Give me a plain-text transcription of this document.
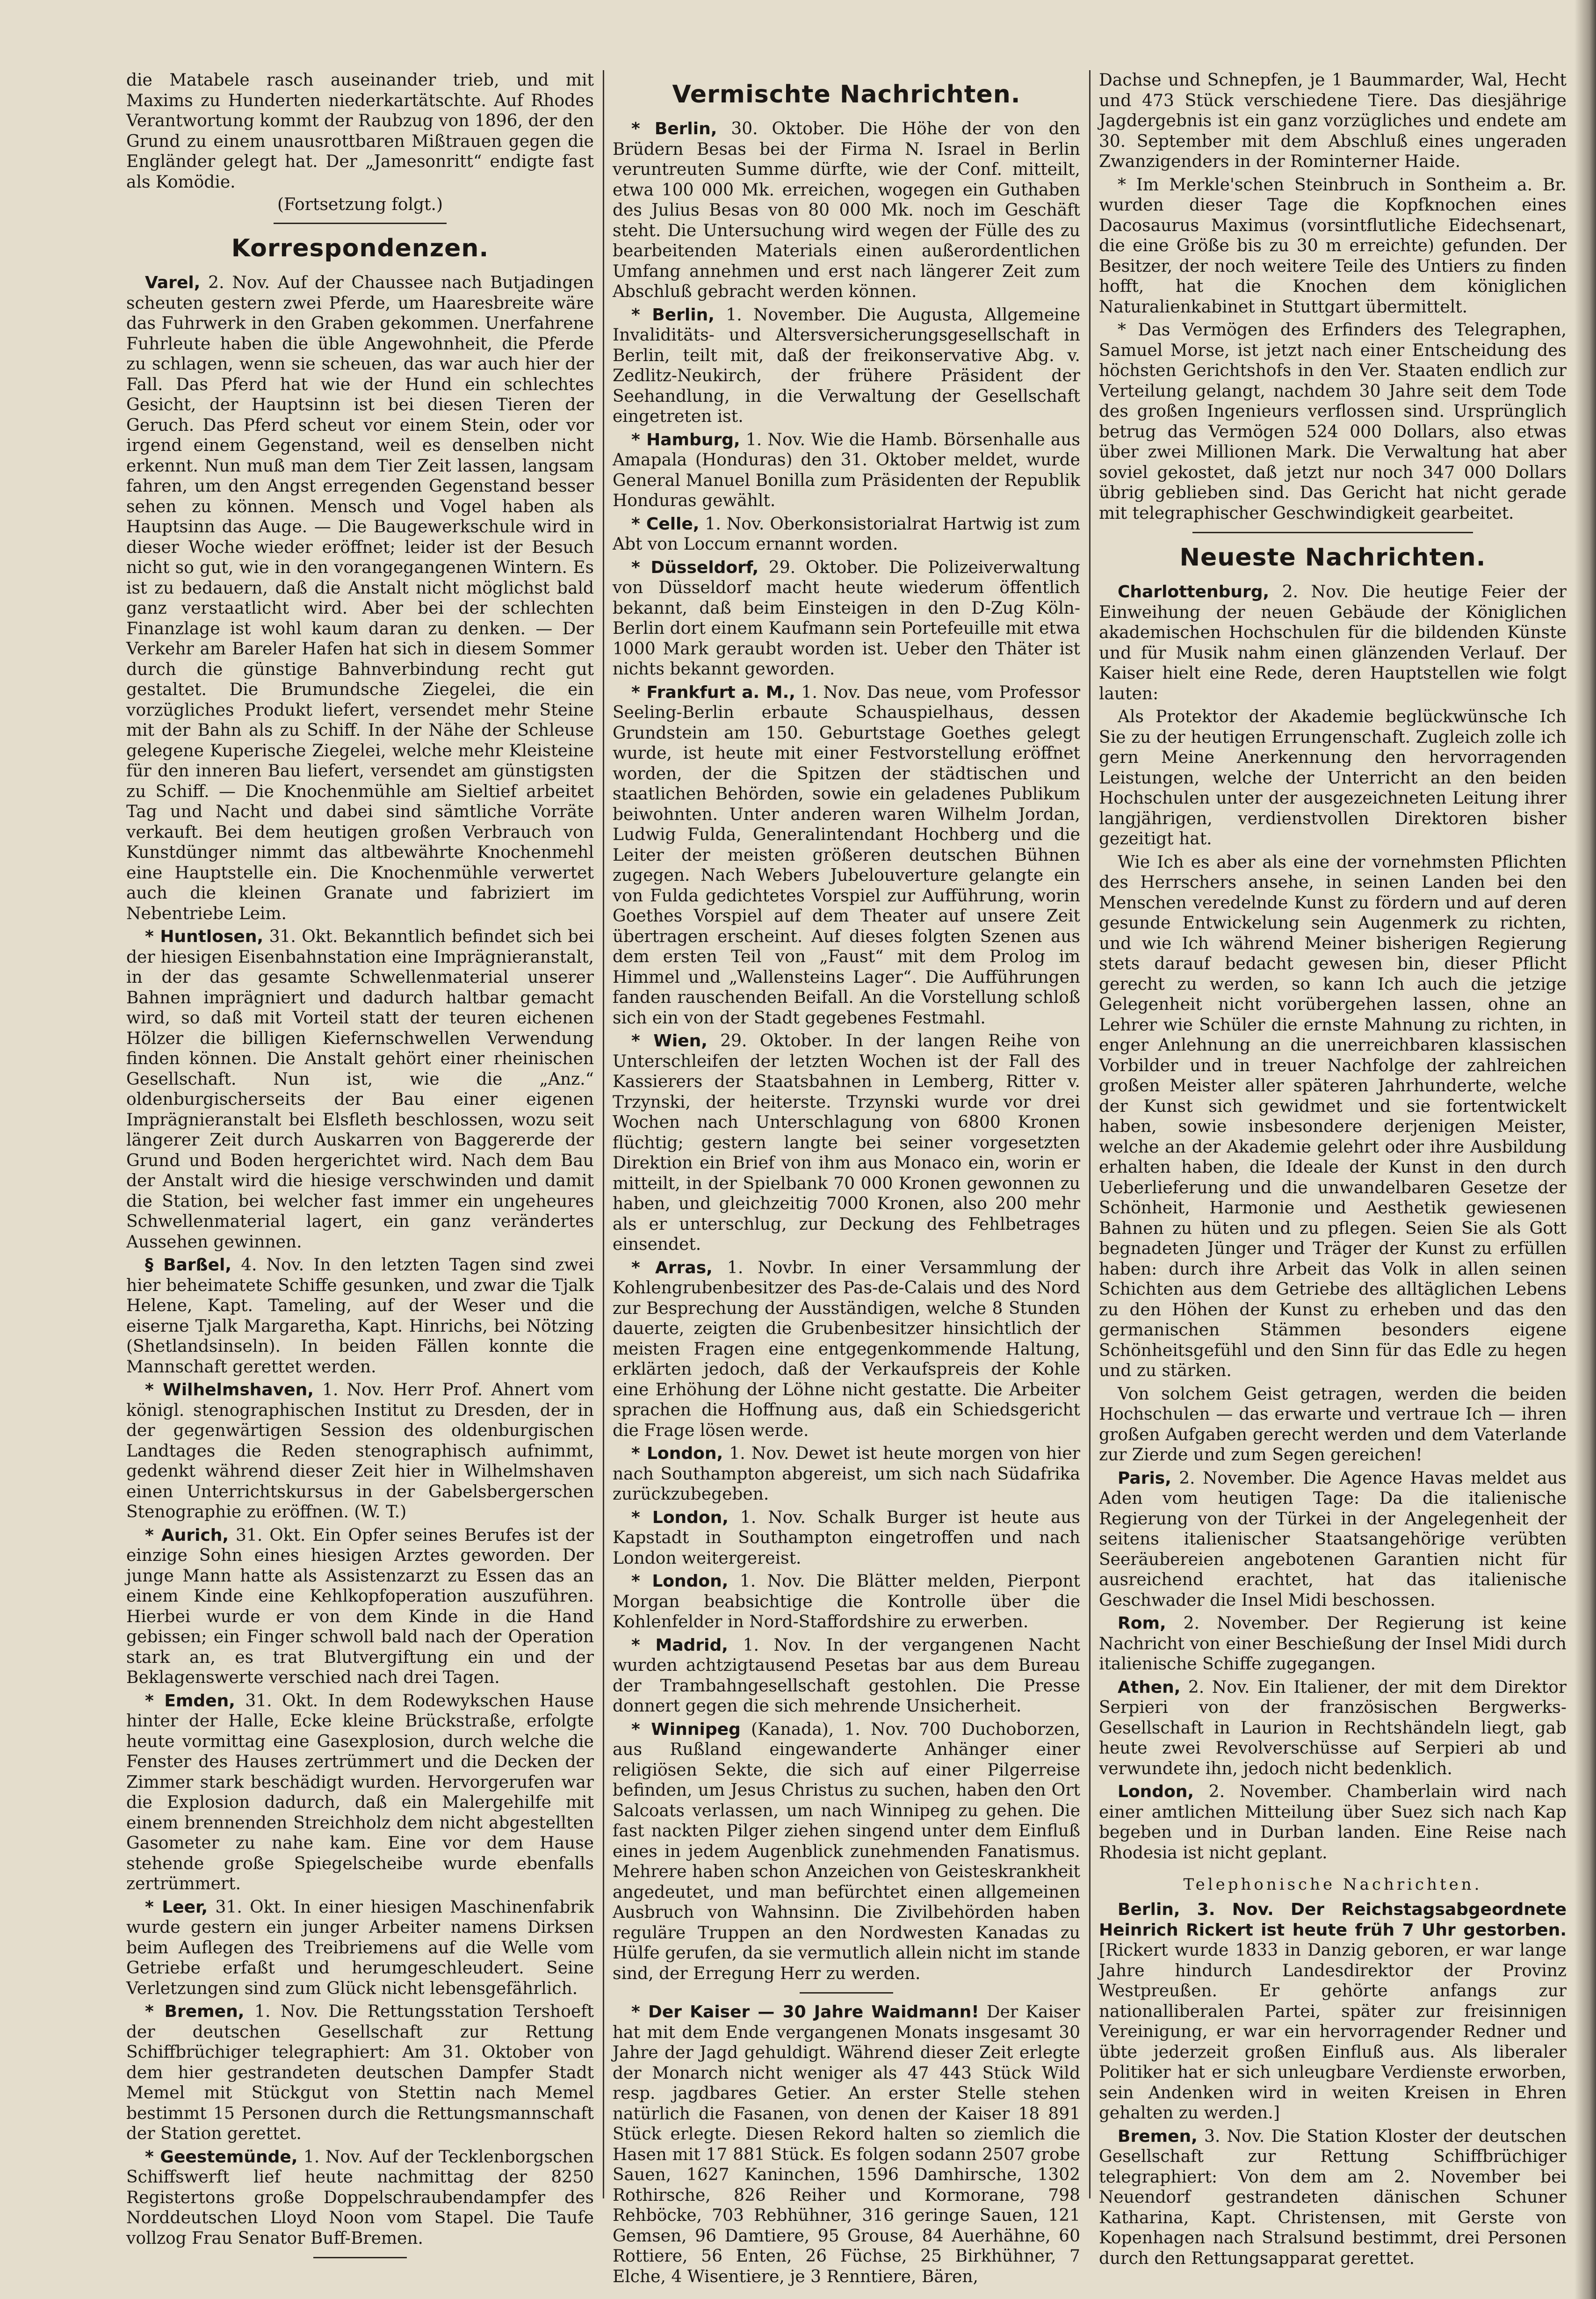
die Matabele rasch auseinander trieb, und mit Maxims zu Hunderten niederkartätschte. Auf Rhodes Verantwortung kommt der Raubzug von 1896, der den Grund zu einem unausrottbaren Mißtrauen gegen die Engländer gelegt hat. Der „Jamesonritt“ endigte fast als Komödie.

(Fortsetzung folgt.)
Korrespondenzen.

Varel, 2. Nov. Auf der Chaussee nach Butjadingen scheuten gestern zwei Pferde, um Haaresbreite wäre das Fuhrwerk in den Graben gekommen. Unerfahrene Fuhrleute haben die üble Angewohnheit, die Pferde zu schlagen, wenn sie scheuen, das war auch hier der Fall. Das Pferd hat wie der Hund ein schlechtes Gesicht, der Hauptsinn ist bei diesen Tieren der Geruch. Das Pferd scheut vor einem Stein, oder vor irgend einem Gegenstand, weil es denselben nicht erkennt. Nun muß man dem Tier Zeit lassen, langsam fahren, um den Angst erregenden Gegenstand besser sehen zu können. Mensch und Vogel haben als Hauptsinn das Auge. — Die Baugewerkschule wird in dieser Woche wieder eröffnet; leider ist der Besuch nicht so gut, wie in den vorangegangenen Wintern. Es ist zu bedauern, daß die Anstalt nicht möglichst bald ganz verstaatlicht wird. Aber bei der schlechten Finanzlage ist wohl kaum daran zu denken. — Der Verkehr am Bareler Hafen hat sich in diesem Sommer durch die günstige Bahnverbindung recht gut gestaltet. Die Brumundsche Ziegelei, die ein vorzügliches Produkt liefert, versendet mehr Steine mit der Bahn als zu Schiff. In der Nähe der Schleuse gelegene Kuperische Ziegelei, welche mehr Kleisteine für den inneren Bau liefert, versendet am günstigsten zu Schiff. — Die Knochenmühle am Sieltief arbeitet Tag und Nacht und dabei sind sämtliche Vorräte verkauft. Bei dem heutigen großen Verbrauch von Kunstdünger nimmt das altbewährte Knochenmehl eine Hauptstelle ein. Die Knochenmühle verwertet auch die kleinen Granate und fabriziert im Nebentriebe Leim.

* Huntlosen, 31. Okt. Bekanntlich befindet sich bei der hiesigen Eisenbahnstation eine Imprägnieranstalt, in der das gesamte Schwellenmaterial unserer Bahnen imprägniert und dadurch haltbar gemacht wird, so daß mit Vorteil statt der teuren eichenen Hölzer die billigen Kiefernschwellen Verwendung finden können. Die Anstalt gehört einer rheinischen Gesellschaft. Nun ist, wie die „Anz.“ oldenburgischerseits der Bau einer eigenen Imprägnieranstalt bei Elsfleth beschlossen, wozu seit längerer Zeit durch Auskarren von Baggererde der Grund und Boden hergerichtet wird. Nach dem Bau der Anstalt wird die hiesige verschwinden und damit die Station, bei welcher fast immer ein ungeheures Schwellenmaterial lagert, ein ganz verändertes Aussehen gewinnen.

§ Barßel, 4. Nov. In den letzten Tagen sind zwei hier beheimatete Schiffe gesunken, und zwar die Tjalk Helene, Kapt. Tameling, auf der Weser und die eiserne Tjalk Margaretha, Kapt. Hinrichs, bei Nötzing (Shetlandsinseln). In beiden Fällen konnte die Mannschaft gerettet werden.

* Wilhelmshaven, 1. Nov. Herr Prof. Ahnert vom königl. stenographischen Institut zu Dresden, der in der gegenwärtigen Session des oldenburgischen Landtages die Reden stenographisch aufnimmt, gedenkt während dieser Zeit hier in Wilhelmshaven einen Unterrichtskursus in der Gabelsbergerschen Stenographie zu eröffnen. (W. T.)

* Aurich, 31. Okt. Ein Opfer seines Berufes ist der einzige Sohn eines hiesigen Arztes geworden. Der junge Mann hatte als Assistenzarzt zu Essen das an einem Kinde eine Kehlkopfoperation auszuführen. Hierbei wurde er von dem Kinde in die Hand gebissen; ein Finger schwoll bald nach der Operation stark an, es trat Blutvergiftung ein und der Beklagenswerte verschied nach drei Tagen.

* Emden, 31. Okt. In dem Rodewykschen Hause hinter der Halle, Ecke kleine Brückstraße, erfolgte heute vormittag eine Gasexplosion, durch welche die Fenster des Hauses zertrümmert und die Decken der Zimmer stark beschädigt wurden. Hervorgerufen war die Explosion dadurch, daß ein Malergehilfe mit einem brennenden Streichholz dem nicht abgestellten Gasometer zu nahe kam. Eine vor dem Hause stehende große Spiegelscheibe wurde ebenfalls zertrümmert.

* Leer, 31. Okt. In einer hiesigen Maschinenfabrik wurde gestern ein junger Arbeiter namens Dirksen beim Auflegen des Treibriemens auf die Welle vom Getriebe erfaßt und herumgeschleudert. Seine Verletzungen sind zum Glück nicht lebensgefährlich.

* Bremen, 1. Nov. Die Rettungsstation Tershoeft der deutschen Gesellschaft zur Rettung Schiffbrüchiger telegraphiert: Am 31. Oktober von dem hier gestrandeten deutschen Dampfer Stadt Memel mit Stückgut von Stettin nach Memel bestimmt 15 Personen durch die Rettungsmannschaft der Station gerettet.

* Geestemünde, 1. Nov. Auf der Tecklenborgschen Schiffswerft lief heute nachmittag der 8250 Registertons große Doppelschraubendampfer des Norddeutschen Lloyd Noon vom Stapel. Die Taufe vollzog Frau Senator Buff-Bremen.

Vermischte Nachrichten.

* Berlin, 30. Oktober. Die Höhe der von den Brüdern Besas bei der Firma N. Israel in Berlin veruntreuten Summe dürfte, wie der Conf. mitteilt, etwa 100 000 Mk. erreichen, wogegen ein Guthaben des Julius Besas von 80 000 Mk. noch im Geschäft steht. Die Untersuchung wird wegen der Fülle des zu bearbeitenden Materials einen außerordentlichen Umfang annehmen und erst nach längerer Zeit zum Abschluß gebracht werden können.

* Berlin, 1. November. Die Augusta, Allgemeine Invaliditäts- und Altersversicherungsgesellschaft in Berlin, teilt mit, daß der freikonservative Abg. v. Zedlitz-Neukirch, der frühere Präsident der Seehandlung, in die Verwaltung der Gesellschaft eingetreten ist.

* Hamburg, 1. Nov. Wie die Hamb. Börsenhalle aus Amapala (Honduras) den 31. Oktober meldet, wurde General Manuel Bonilla zum Präsidenten der Republik Honduras gewählt.

* Celle, 1. Nov. Oberkonsistorialrat Hartwig ist zum Abt von Loccum ernannt worden.

* Düsseldorf, 29. Oktober. Die Polizeiverwaltung von Düsseldorf macht heute wiederum öffentlich bekannt, daß beim Einsteigen in den D-Zug Köln-Berlin dort einem Kaufmann sein Portefeuille mit etwa 1000 Mark geraubt worden ist. Ueber den Thäter ist nichts bekannt geworden.

* Frankfurt a. M., 1. Nov. Das neue, vom Professor Seeling-Berlin erbaute Schauspielhaus, dessen Grundstein am 150. Geburtstage Goethes gelegt wurde, ist heute mit einer Festvorstellung eröffnet worden, der die Spitzen der städtischen und staatlichen Behörden, sowie ein geladenes Publikum beiwohnten. Unter anderen waren Wilhelm Jordan, Ludwig Fulda, Generalintendant Hochberg und die Leiter der meisten größeren deutschen Bühnen zugegen. Nach Webers Jubelouverture gelangte ein von Fulda gedichtetes Vorspiel zur Aufführung, worin Goethes Vorspiel auf dem Theater auf unsere Zeit übertragen erscheint. Auf dieses folgten Szenen aus dem ersten Teil von „Faust“ mit dem Prolog im Himmel und „Wallensteins Lager“. Die Aufführungen fanden rauschenden Beifall. An die Vorstellung schloß sich ein von der Stadt gegebenes Festmahl.

* Wien, 29. Oktober. In der langen Reihe von Unterschleifen der letzten Wochen ist der Fall des Kassierers der Staatsbahnen in Lemberg, Ritter v. Trzynski, der heiterste. Trzynski wurde vor drei Wochen nach Unterschlagung von 6800 Kronen flüchtig; gestern langte bei seiner vorgesetzten Direktion ein Brief von ihm aus Monaco ein, worin er mitteilt, in der Spielbank 70 000 Kronen gewonnen zu haben, und gleichzeitig 7000 Kronen, also 200 mehr als er unterschlug, zur Deckung des Fehlbetrages einsendet.

* Arras, 1. Novbr. In einer Versammlung der Kohlengrubenbesitzer des Pas-de-Calais und des Nord zur Besprechung der Ausständigen, welche 8 Stunden dauerte, zeigten die Grubenbesitzer hinsichtlich der meisten Fragen eine entgegenkommende Haltung, erklärten jedoch, daß der Verkaufspreis der Kohle eine Erhöhung der Löhne nicht gestatte. Die Arbeiter sprachen die Hoffnung aus, daß ein Schiedsgericht die Frage lösen werde.

* London, 1. Nov. Dewet ist heute morgen von hier nach Southampton abgereist, um sich nach Südafrika zurückzubegeben.

* London, 1. Nov. Schalk Burger ist heute aus Kapstadt in Southampton eingetroffen und nach London weitergereist.

* London, 1. Nov. Die Blätter melden, Pierpont Morgan beabsichtige die Kontrolle über die Kohlenfelder in Nord-Staffordshire zu erwerben.

* Madrid, 1. Nov. In der vergangenen Nacht wurden achtzigtausend Pesetas bar aus dem Bureau der Trambahngesellschaft gestohlen. Die Presse donnert gegen die sich mehrende Unsicherheit.

* Winnipeg (Kanada), 1. Nov. 700 Duchoborzen, aus Rußland eingewanderte Anhänger einer religiösen Sekte, die sich auf einer Pilgerreise befinden, um Jesus Christus zu suchen, haben den Ort Salcoats verlassen, um nach Winnipeg zu gehen. Die fast nackten Pilger ziehen singend unter dem Einfluß eines in jedem Augenblick zunehmenden Fanatismus. Mehrere haben schon Anzeichen von Geisteskrankheit angedeutet, und man befürchtet einen allgemeinen Ausbruch von Wahnsinn. Die Zivilbehörden haben reguläre Truppen an den Nordwesten Kanadas zu Hülfe gerufen, da sie vermutlich allein nicht im stande sind, der Erregung Herr zu werden.

* Der Kaiser — 30 Jahre Waidmann! Der Kaiser hat mit dem Ende vergangenen Monats insgesamt 30 Jahre der Jagd gehuldigt. Während dieser Zeit erlegte der Monarch nicht weniger als 47 443 Stück Wild resp. jagdbares Getier. An erster Stelle stehen natürlich die Fasanen, von denen der Kaiser 18 891 Stück erlegte. Diesen Rekord halten so ziemlich die Hasen mit 17 881 Stück. Es folgen sodann 2507 grobe Sauen, 1627 Kaninchen, 1596 Damhirsche, 1302 Rothirsche, 826 Reiher und Kormorane, 798 Rehböcke, 703 Rebhühner, 316 geringe Sauen, 121 Gemsen, 96 Damtiere, 95 Grouse, 84 Auerhähne, 60 Rottiere, 56 Enten, 26 Füchse, 25 Birkhühner, 7 Elche, 4 Wisentiere, je 3 Renntiere, Bären,

Dachse und Schnepfen, je 1 Baummarder, Wal, Hecht und 473 Stück verschiedene Tiere. Das diesjährige Jagdergebnis ist ein ganz vorzügliches und endete am 30. September mit dem Abschluß eines ungeraden Zwanzigenders in der Rominterner Haide.

* Im Merkle'schen Steinbruch in Sontheim a. Br. wurden dieser Tage die Kopfknochen eines Dacosaurus Maximus (vorsintflutliche Eidechsenart, die eine Größe bis zu 30 m erreichte) gefunden. Der Besitzer, der noch weitere Teile des Untiers zu finden hofft, hat die Knochen dem königlichen Naturalienkabinet in Stuttgart übermittelt.

* Das Vermögen des Erfinders des Telegraphen, Samuel Morse, ist jetzt nach einer Entscheidung des höchsten Gerichtshofs in den Ver. Staaten endlich zur Verteilung gelangt, nachdem 30 Jahre seit dem Tode des großen Ingenieurs verflossen sind. Ursprünglich betrug das Vermögen 524 000 Dollars, also etwas über zwei Millionen Mark. Die Verwaltung hat aber soviel gekostet, daß jetzt nur noch 347 000 Dollars übrig geblieben sind. Das Gericht hat nicht gerade mit telegraphischer Geschwindigkeit gearbeitet.

Neueste Nachrichten.

Charlottenburg, 2. Nov. Die heutige Feier der Einweihung der neuen Gebäude der Königlichen akademischen Hochschulen für die bildenden Künste und für Musik nahm einen glänzenden Verlauf. Der Kaiser hielt eine Rede, deren Hauptstellen wie folgt lauten:

Als Protektor der Akademie beglückwünsche Ich Sie zu der heutigen Errungenschaft. Zugleich zolle ich gern Meine Anerkennung den hervorragenden Leistungen, welche der Unterricht an den beiden Hochschulen unter der ausgezeichneten Leitung ihrer langjährigen, verdienstvollen Direktoren bisher gezeitigt hat.

Wie Ich es aber als eine der vornehmsten Pflichten des Herrschers ansehe, in seinen Landen bei den Menschen veredelnde Kunst zu fördern und auf deren gesunde Entwickelung sein Augenmerk zu richten, und wie Ich während Meiner bisherigen Regierung stets darauf bedacht gewesen bin, dieser Pflicht gerecht zu werden, so kann Ich auch die jetzige Gelegenheit nicht vorübergehen lassen, ohne an Lehrer wie Schüler die ernste Mahnung zu richten, in enger Anlehnung an die unerreichbaren klassischen Vorbilder und in treuer Nachfolge der zahlreichen großen Meister aller späteren Jahrhunderte, welche der Kunst sich gewidmet und sie fortentwickelt haben, sowie insbesondere derjenigen Meister, welche an der Akademie gelehrt oder ihre Ausbildung erhalten haben, die Ideale der Kunst in den durch Ueberlieferung und die unwandelbaren Gesetze der Schönheit, Harmonie und Aesthetik gewiesenen Bahnen zu hüten und zu pflegen. Seien Sie als Gott begnadeten Jünger und Träger der Kunst zu erfüllen haben: durch ihre Arbeit das Volk in allen seinen Schichten aus dem Getriebe des alltäglichen Lebens zu den Höhen der Kunst zu erheben und das den germanischen Stämmen besonders eigene Schönheitsgefühl und den Sinn für das Edle zu hegen und zu stärken.

Von solchem Geist getragen, werden die beiden Hochschulen — das erwarte und vertraue Ich — ihren großen Aufgaben gerecht werden und dem Vaterlande zur Zierde und zum Segen gereichen!

Paris, 2. November. Die Agence Havas meldet aus Aden vom heutigen Tage: Da die italienische Regierung von der Türkei in der Angelegenheit der seitens italienischer Staatsangehörige verübten Seeräubereien angebotenen Garantien nicht für ausreichend erachtet, hat das italienische Geschwader die Insel Midi beschossen.

Rom, 2. November. Der Regierung ist keine Nachricht von einer Beschießung der Insel Midi durch italienische Schiffe zugegangen.

Athen, 2. Nov. Ein Italiener, der mit dem Direktor Serpieri von der französischen Bergwerks-Gesellschaft in Laurion in Rechtshändeln liegt, gab heute zwei Revolverschüsse auf Serpieri ab und verwundete ihn, jedoch nicht bedenklich.

London, 2. November. Chamberlain wird nach einer amtlichen Mitteilung über Suez sich nach Kap begeben und in Durban landen. Eine Reise nach Rhodesia ist nicht geplant.

Telephonische Nachrichten.

Berlin, 3. Nov. Der Reichstagsabgeordnete Heinrich Rickert ist heute früh 7 Uhr gestorben. [Rickert wurde 1833 in Danzig geboren, er war lange Jahre hindurch Landesdirektor der Provinz Westpreußen. Er gehörte anfangs zur nationalliberalen Partei, später zur freisinnigen Vereinigung, er war ein hervorragender Redner und übte jederzeit großen Einfluß aus. Als liberaler Politiker hat er sich unleugbare Verdienste erworben, sein Andenken wird in weiten Kreisen in Ehren gehalten zu werden.]

Bremen, 3. Nov. Die Station Kloster der deutschen Gesellschaft zur Rettung Schiffbrüchiger telegraphiert: Von dem am 2. November bei Neuendorf gestrandeten dänischen Schuner Katharina, Kapt. Christensen, mit Gerste von Kopenhagen nach Stralsund bestimmt, drei Personen durch den Rettungsapparat gerettet.
